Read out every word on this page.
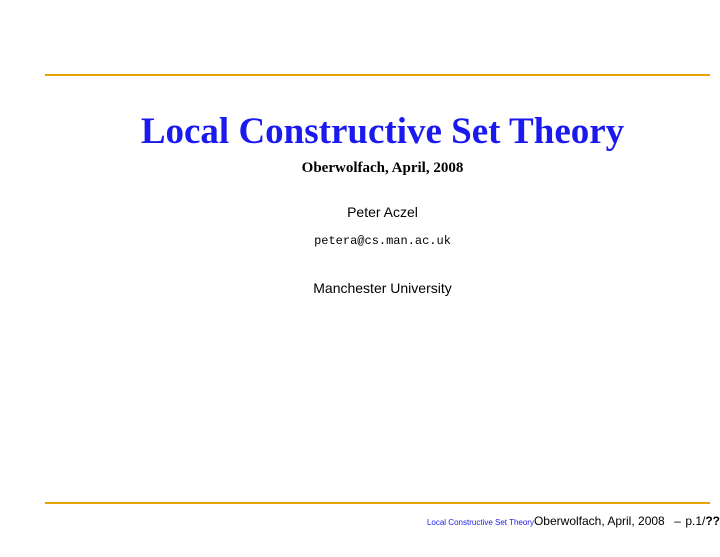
Local Constructive Set Theory
Oberwolfach, April, 2008
Peter Aczel
petera@cs.man.ac.uk
Manchester University
Local Constructive Set TheoryOberwolfach, April, 2008 – p.1/??
